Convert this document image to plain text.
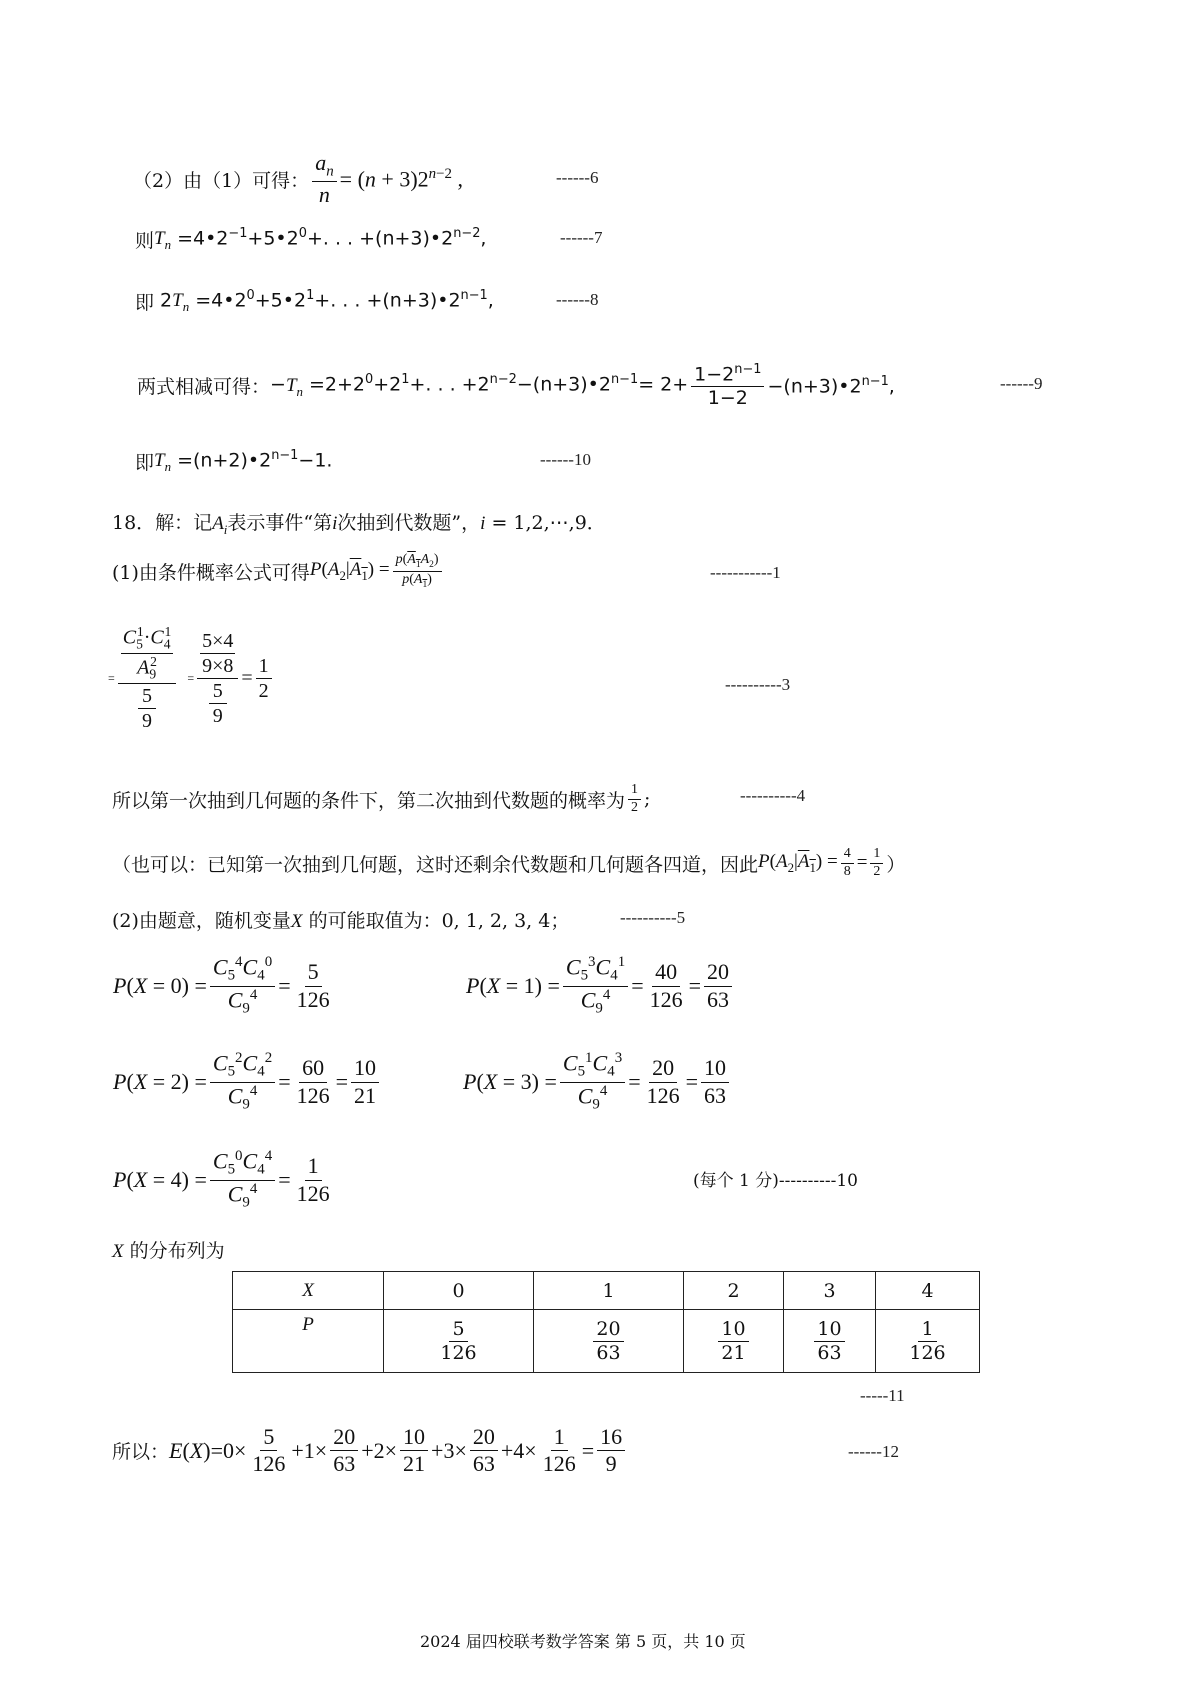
（2）由（1）可得： $\frac{a_n}{n} = (n + 3)2^{n-2}$ ,	------6
则 $T_n$ $=4•2^{-1}+5•2^0+$. . . $+(n+3)•2^{n-2}$,	------7
即 $2T_n$ $=4•2^0+5•2^1+$. . . $+(n+3)•2^{n-1}$,	------8
两式相减可得： $-T_n =2+2^0+2^1+$. . . $+2^{n-2}-(n+3)•2^{n-1}= 2+ \frac{1-2^{n-1}}{1-2}$ $-(n+3)•2^{n-1}$,	------9
即 $T_n$ $=(n+2)•2^{n-1}-1$.	------10
18．解：记$A_i$表示事件“第i次抽到代数题”，i = 1,2,⋯,9．
(1)由条件概率公式可得 $P(A_2|A_1) = \frac{p(A_1A_2)}{p(A_1)}$	-----------1
=
$C_5^1\cdot C_4^1$
$A_9^2$
5
9
=
5×4
9×8
5
9
= $\frac{1}{2}$	----------3
所以第一次抽到几何题的条件下，第二次抽到代数题的概率为 $\frac{1}{2}$ ;	----------4
（也可以：已知第一次抽到几何题，这时还剩余代数题和几何题各四道，因此 $P(A_2|A_1) = \frac{4}{8} = \frac{1}{2}$ ）
(2)由题意，随机变量X 的可能取值为：0, 1, 2, 3, 4；	----------5
$P(X = 0) = \frac{C_5^4C_4^0}{C_9^4} = \frac{5}{126}$	$P(X = 1) = \frac{C_5^3C_4^1}{C_9^4} = \frac{40}{126} = \frac{20}{63}$
$P(X = 2) = \frac{C_5^2C_4^2}{C_9^4} = \frac{60}{126} = \frac{10}{21}$	$P(X = 3) = \frac{C_5^1C_4^3}{C_9^4} = \frac{20}{126} = \frac{10}{63}$
$P(X = 4) = \frac{C_5^0C_4^4}{C_9^4} = \frac{1}{126}$	(每个 1 分)----------10
X 的分布列为
X	0	1	2	3	4
P	$\frac{5}{126}$	$\frac{20}{63}$	$\frac{10}{21}$	$\frac{10}{63}$	$\frac{1}{126}$
-----11
所以： $E(X)=0\times \frac{5}{126} +1\times \frac{20}{63} +2\times \frac{10}{21} +3\times \frac{20}{63} +4\times \frac{1}{126} = \frac{16}{9}$	------12
2024 届四校联考数学答案 第 5 页，共 10 页
